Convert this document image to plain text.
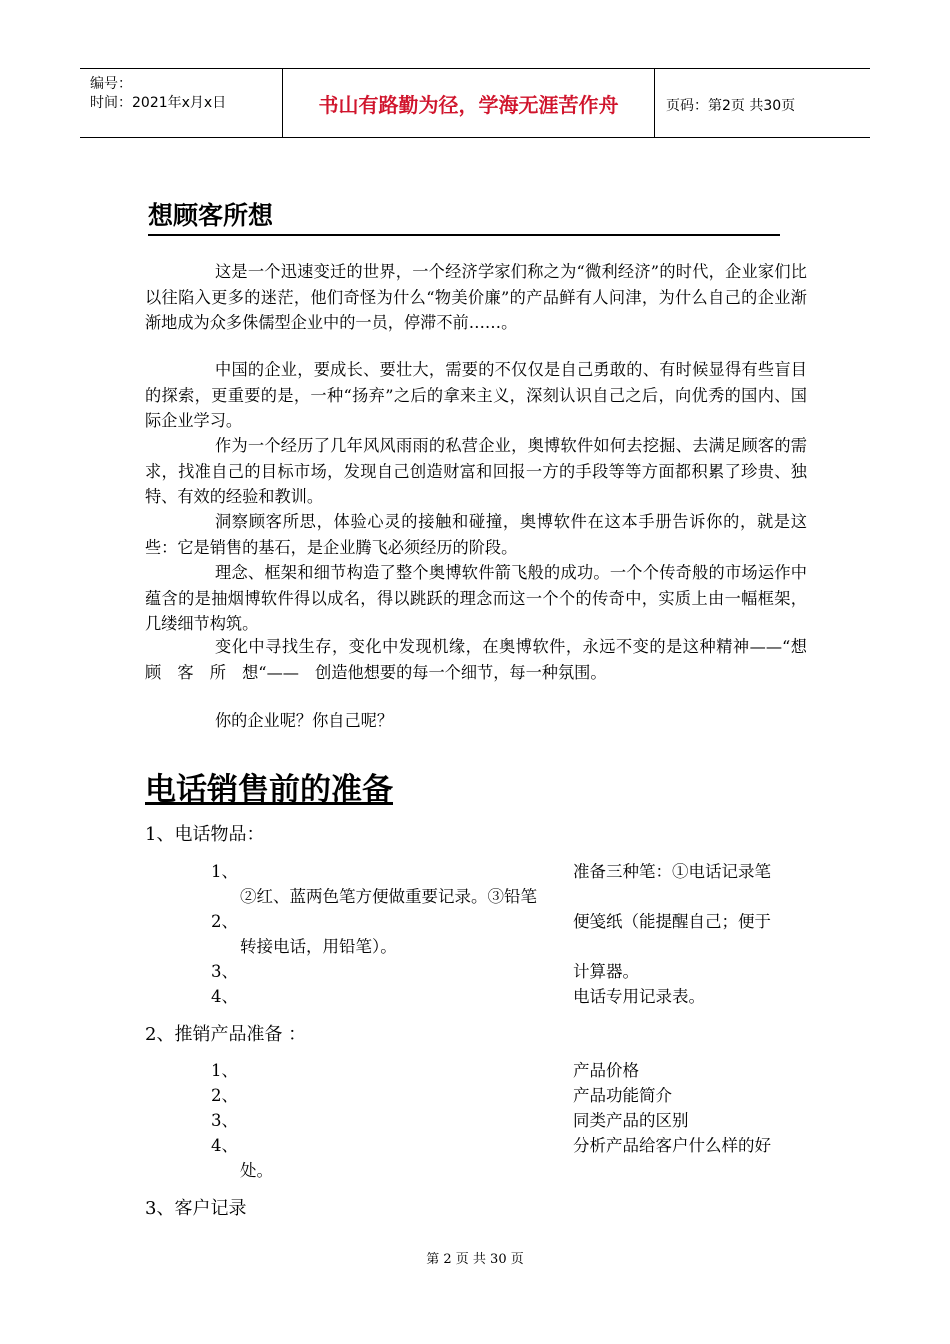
编号：
时间：2021年x月x日	书山有路勤为径，学海无涯苦作舟	页码：第2页 共30页
想顾客所想
这是一个迅速变迁的世界，一个经济学家们称之为“微利经济”的时代，企业家们比以往陷入更多的迷茫，他们奇怪为什么“物美价廉”的产品鲜有人问津，为什么自己的企业渐渐地成为众多侏儒型企业中的一员，停滞不前……。
中国的企业，要成长、要壮大，需要的不仅仅是自己勇敢的、有时候显得有些盲目的探索，更重要的是，一种“扬弃”之后的拿来主义，深刻认识自己之后，向优秀的国内、国际企业学习。
作为一个经历了几年风风雨雨的私营企业，奥博软件如何去挖掘、去满足顾客的需求，找准自己的目标市场，发现自己创造财富和回报一方的手段等等方面都积累了珍贵、独特、有效的经验和教训。
洞察顾客所思，体验心灵的接触和碰撞，奥博软件在这本手册告诉你的，就是这些：它是销售的基石，是企业腾飞必须经历的阶段。
理念、框架和细节构造了整个奥博软件箭飞般的成功。一个个传奇般的市场运作中蕴含的是抽烟博软件得以成名，得以跳跃的理念而这一个个的传奇中，实质上由一幅框架，几缕细节构筑。
变化中寻找生存，变化中发现机缘，在奥博软件，永远不变的是这种精神——“想　顾　客　所　想“——　创造他想要的每一个细节，每一种氛围。
你的企业呢？你自己呢？
电话销售前的准备
1、电话物品：
1、	准备三种笔：①电话记录笔
②红、蓝两色笔方便做重要记录。③铅笔
2、	便笺纸（能提醒自己；便于
转接电话，用铅笔）。
3、	计算器。
4、	电话专用记录表。
2、推销产品准备 ：
1、	产品价格
2、	产品功能简介
3、	同类产品的区别
4、	分析产品给客户什么样的好
处。
3、客户记录
第 2 页 共 30 页
